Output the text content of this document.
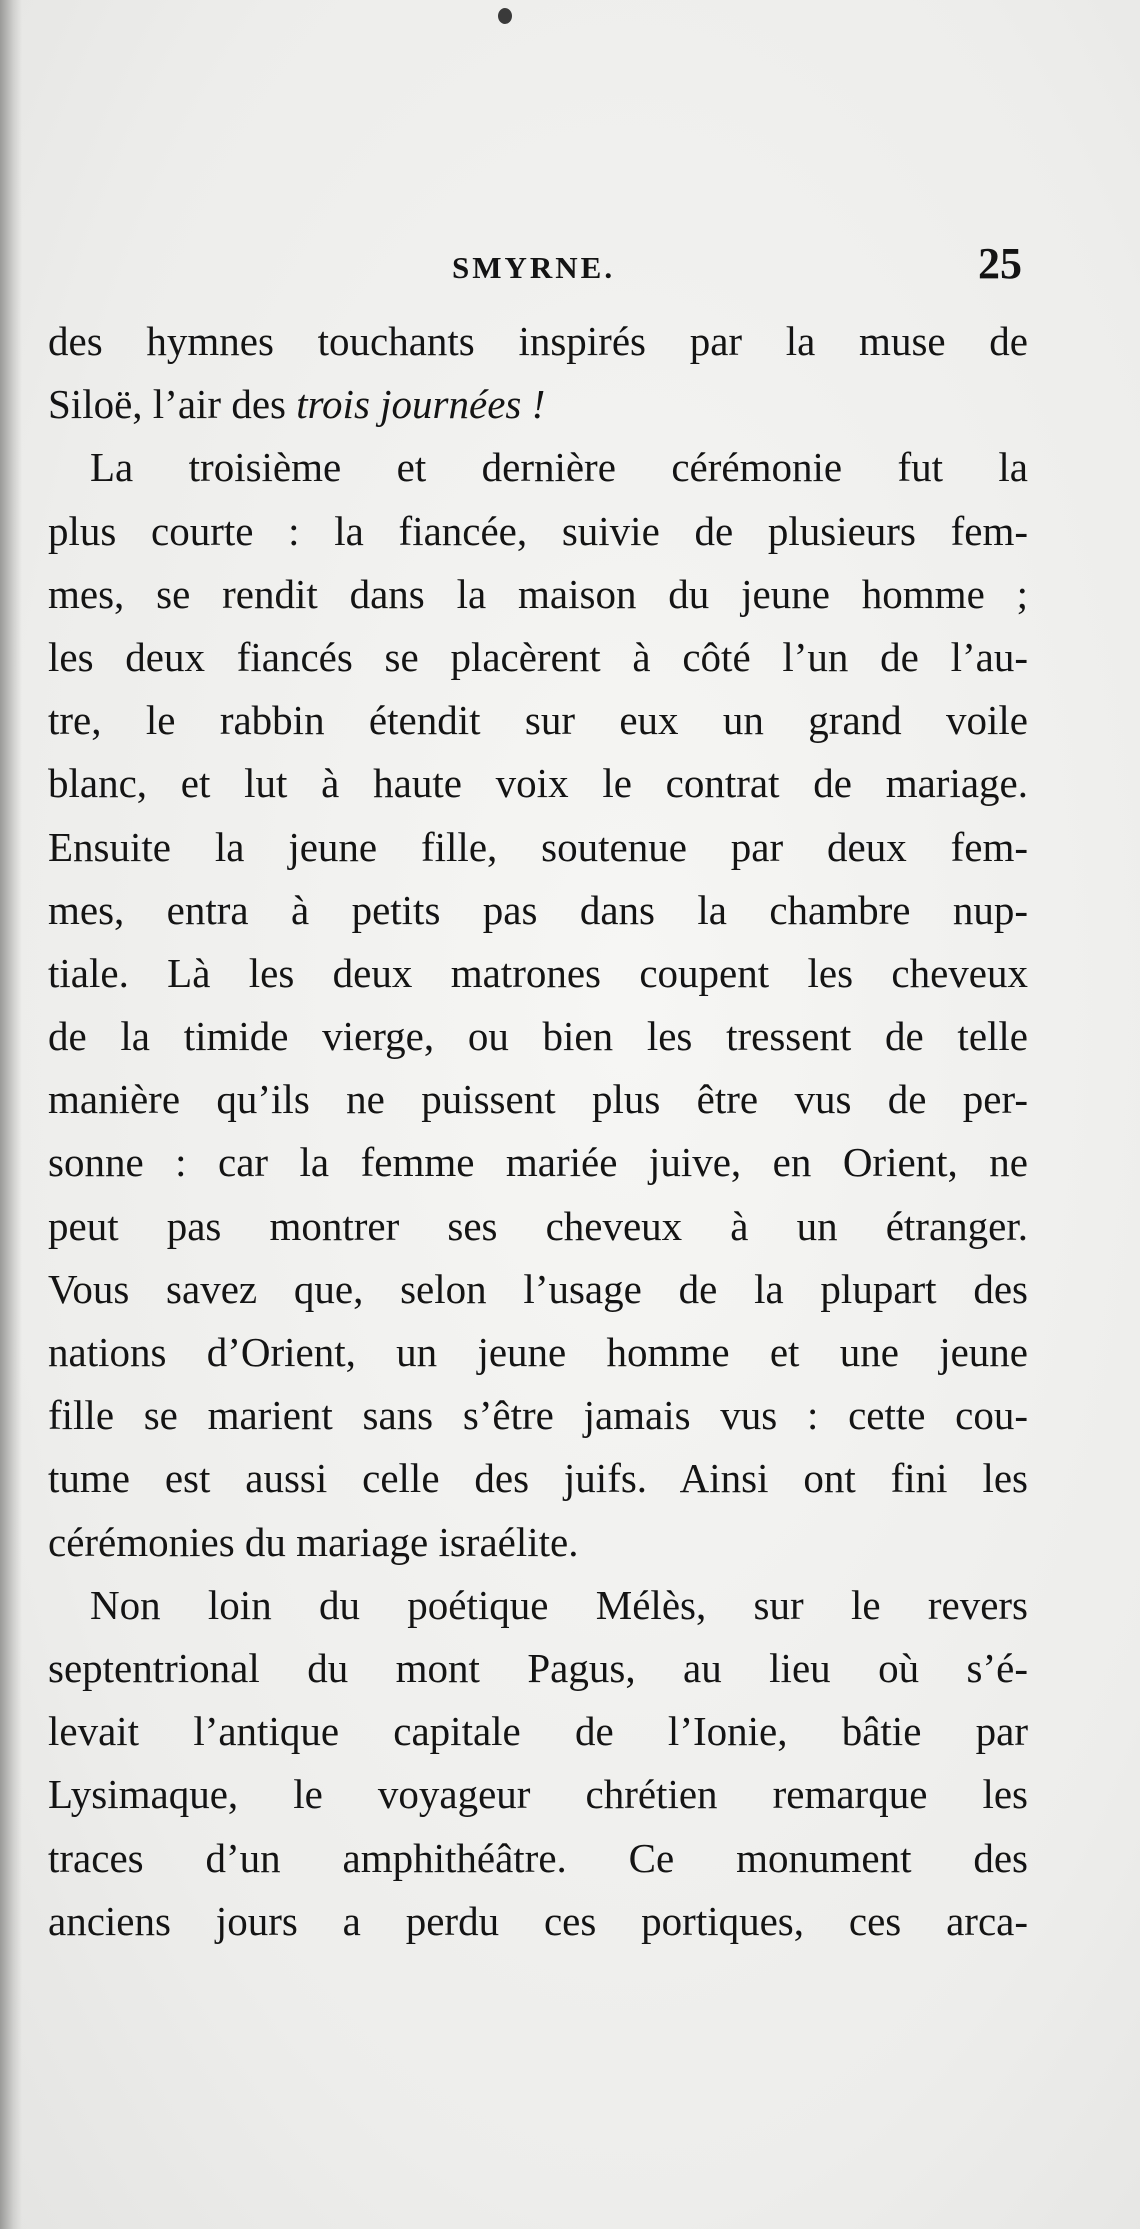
SMYRNE.	25
des hymnes touchants inspirés par la muse de
Siloë, l’air des trois journées !
La troisième et dernière cérémonie fut la
plus courte : la fiancée, suivie de plusieurs fem-
mes, se rendit dans la maison du jeune homme ;
les deux fiancés se placèrent à côté l’un de l’au-
tre, le rabbin étendit sur eux un grand voile
blanc, et lut à haute voix le contrat de mariage.
Ensuite la jeune fille, soutenue par deux fem-
mes, entra à petits pas dans la chambre nup-
tiale. Là les deux matrones coupent les cheveux
de la timide vierge, ou bien les tressent de telle
manière qu’ils ne puissent plus être vus de per-
sonne : car la femme mariée juive, en Orient, ne
peut pas montrer ses cheveux à un étranger.
Vous savez que, selon l’usage de la plupart des
nations d’Orient, un jeune homme et une jeune
fille se marient sans s’être jamais vus : cette cou-
tume est aussi celle des juifs. Ainsi ont fini les
cérémonies du mariage israélite.
Non loin du poétique Mélès, sur le revers
septentrional du mont Pagus, au lieu où s’é-
levait l’antique capitale de l’Ionie, bâtie par
Lysimaque, le voyageur chrétien remarque les
traces d’un amphithéâtre. Ce monument des
anciens jours a perdu ces portiques, ces arca-
